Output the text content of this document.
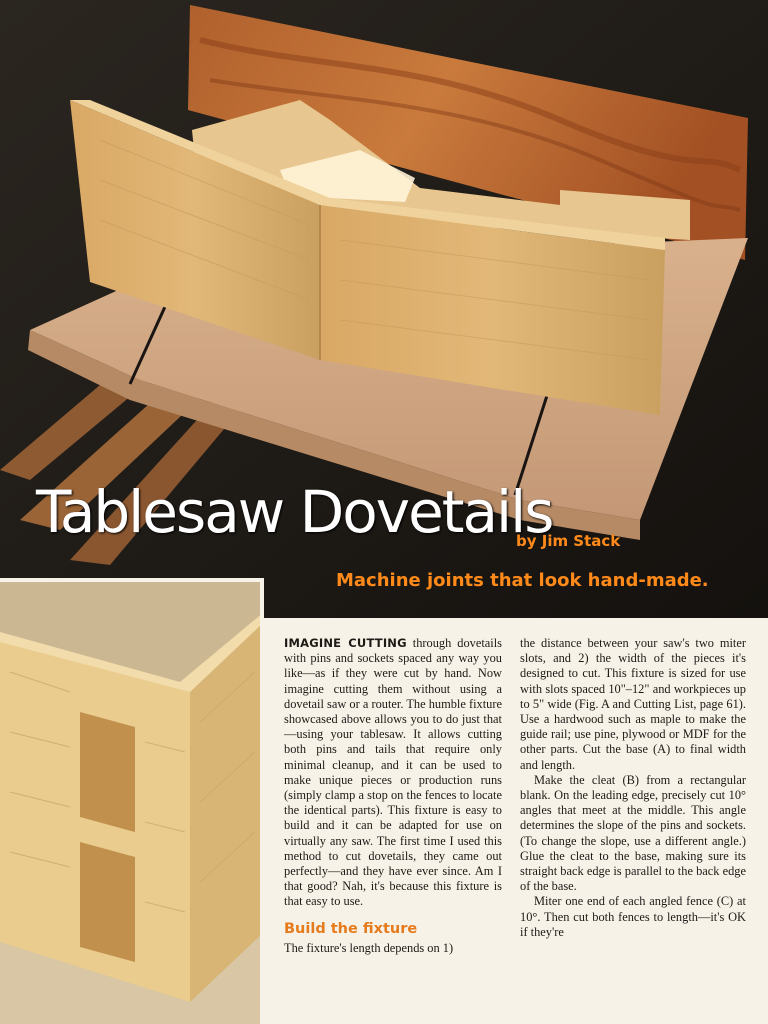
Tablesaw Dovetails
by Jim Stack
Machine joints that look hand-made.

IMAGINE CUTTING through dovetails with pins and sockets spaced any way you like—as if they were cut by hand. Now imagine cutting them without using a dovetail saw or a router. The humble fixture showcased above allows you to do just that—using your tablesaw. It allows cutting both pins and tails that require only minimal cleanup, and it can be used to make unique pieces or production runs (simply clamp a stop on the fences to locate the identical parts). This fixture is easy to build and it can be adapted for use on virtually any saw. The first time I used this method to cut dovetails, they came out perfectly—and they have ever since. Am I that good? Nah, it's because this fixture is that easy to use.

Build the fixture

The fixture's length depends on 1)

the distance between your saw's two miter slots, and 2) the width of the pieces it's designed to cut. This fixture is sized for use with slots spaced 10"–12" and workpieces up to 5" wide (Fig. A and Cutting List, page 61). Use a hardwood such as maple to make the guide rail; use pine, plywood or MDF for the other parts. Cut the base (A) to final width and length.

Make the cleat (B) from a rectangular blank. On the leading edge, precisely cut 10° angles that meet at the middle. This angle determines the slope of the pins and sockets. (To change the slope, use a different angle.) Glue the cleat to the base, making sure its straight back edge is parallel to the back edge of the base.

Miter one end of each angled fence (C) at 10°. Then cut both fences to length—it's OK if they're
